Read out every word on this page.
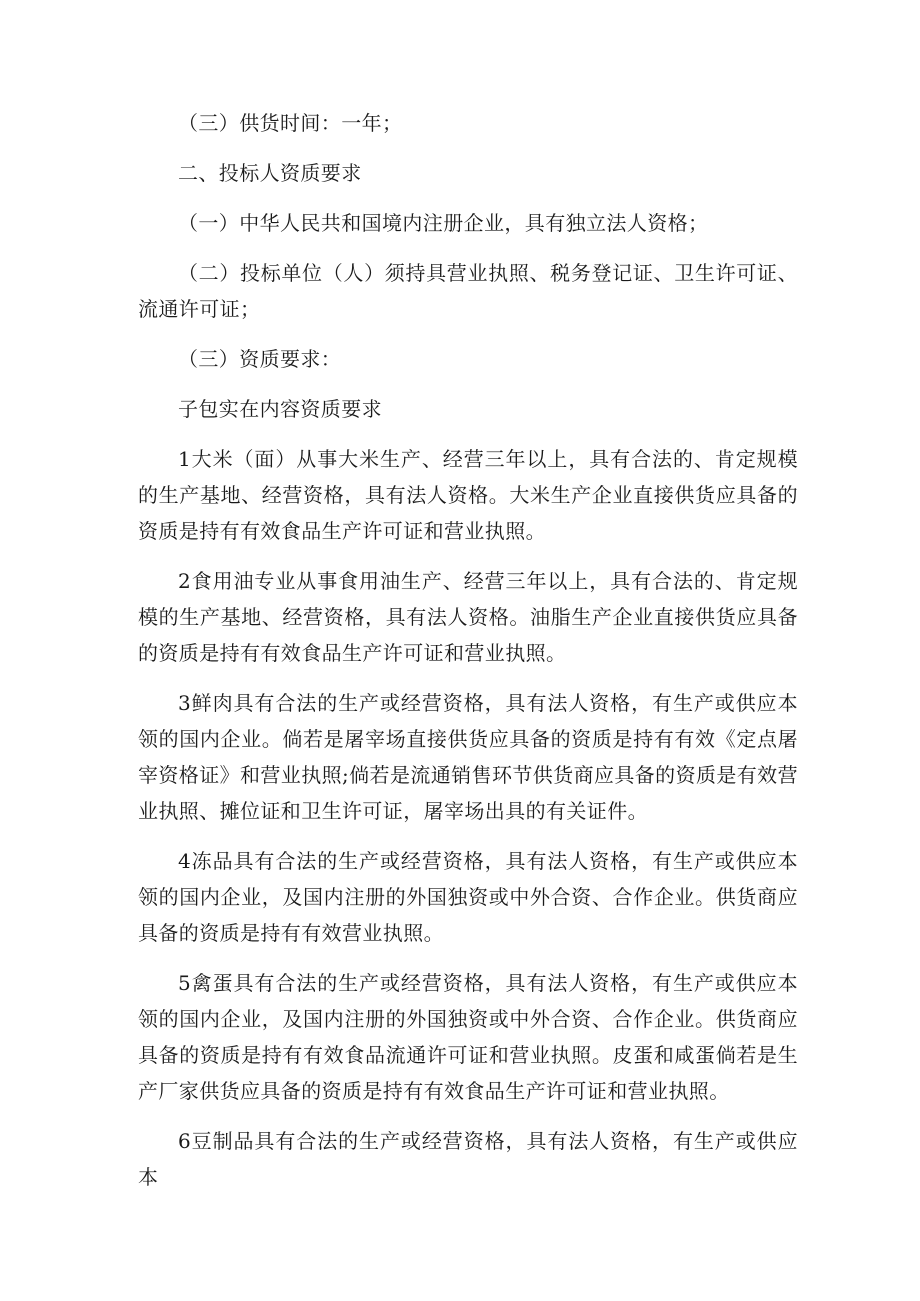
（三）供货时间：一年；

二、投标人资质要求

（一）中华人民共和国境内注册企业，具有独立法人资格；

（二）投标单位（人）须持具营业执照、税务登记证、卫生许可证、流通许可证；

（三）资质要求：

子包实在内容资质要求

1大米（面）从事大米生产、经营三年以上，具有合法的、肯定规模的生产基地、经营资格，具有法人资格。大米生产企业直接供货应具备的资质是持有有效食品生产许可证和营业执照。

2食用油专业从事食用油生产、经营三年以上，具有合法的、肯定规模的生产基地、经营资格，具有法人资格。油脂生产企业直接供货应具备的资质是持有有效食品生产许可证和营业执照。

3鲜肉具有合法的生产或经营资格，具有法人资格，有生产或供应本领的国内企业。倘若是屠宰场直接供货应具备的资质是持有有效《定点屠宰资格证》和营业执照;倘若是流通销售环节供货商应具备的资质是有效营业执照、摊位证和卫生许可证，屠宰场出具的有关证件。

4冻品具有合法的生产或经营资格，具有法人资格，有生产或供应本领的国内企业，及国内注册的外国独资或中外合资、合作企业。供货商应具备的资质是持有有效营业执照。

5禽蛋具有合法的生产或经营资格，具有法人资格，有生产或供应本领的国内企业，及国内注册的外国独资或中外合资、合作企业。供货商应具备的资质是持有有效食品流通许可证和营业执照。皮蛋和咸蛋倘若是生产厂家供货应具备的资质是持有有效食品生产许可证和营业执照。

6豆制品具有合法的生产或经营资格，具有法人资格，有生产或供应本
